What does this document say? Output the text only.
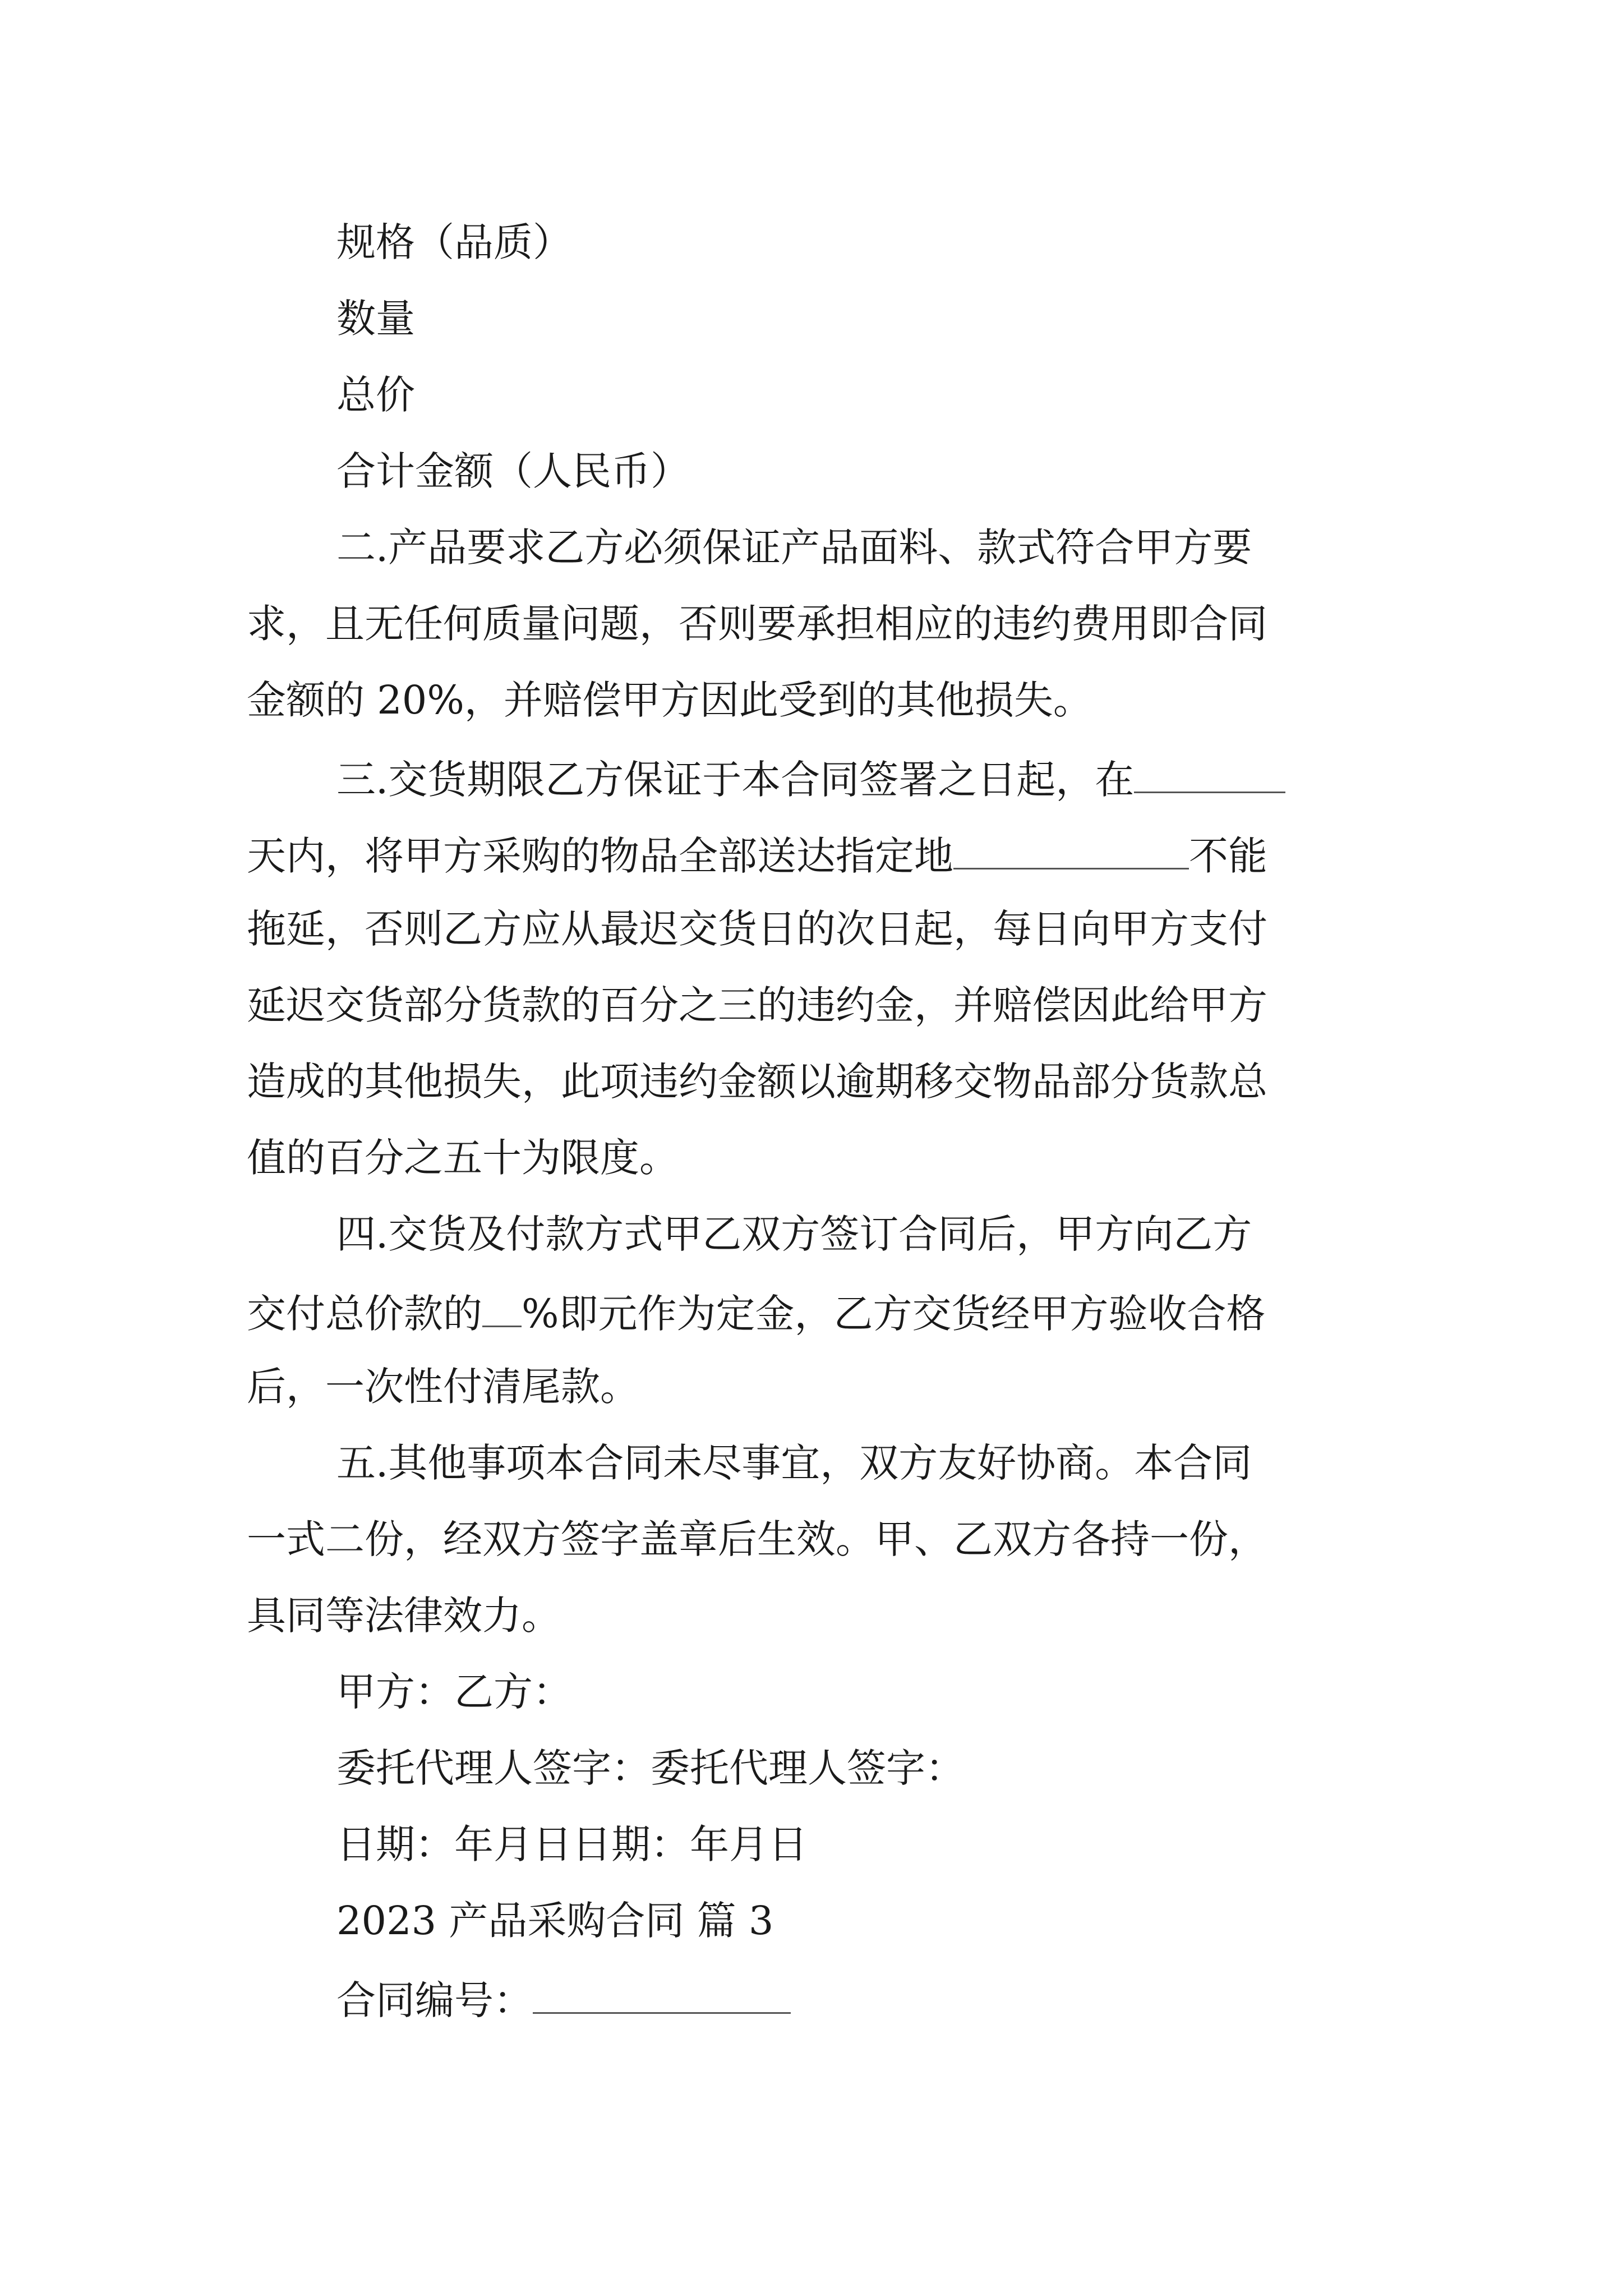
规格（品质）
数量
总价
合计金额（人民币）
二.产品要求乙方必须保证产品面料、款式符合甲方要
求，且无任何质量问题，否则要承担相应的违约费用即合同
金额的 20%，并赔偿甲方因此受到的其他损失。
三.交货期限乙方保证于本合同签署之日起，在
天内，将甲方采购的物品全部送达指定地	不能
拖延，否则乙方应从最迟交货日的次日起，每日向甲方支付
延迟交货部分货款的百分之三的违约金，并赔偿因此给甲方
造成的其他损失，此项违约金额以逾期移交物品部分货款总
值的百分之五十为限度。
四.交货及付款方式甲乙双方签订合同后，甲方向乙方
交付总价款的 %即元作为定金，乙方交货经甲方验收合格
后，一次性付清尾款。
五.其他事项本合同未尽事宜，双方友好协商。本合同
一式二份，经双方签字盖章后生效。甲、乙双方各持一份，
具同等法律效力。
甲方：乙方：
委托代理人签字：委托代理人签字：
日期：年月日日期：年月日
2023 产品采购合同 篇 3
合同编号：
